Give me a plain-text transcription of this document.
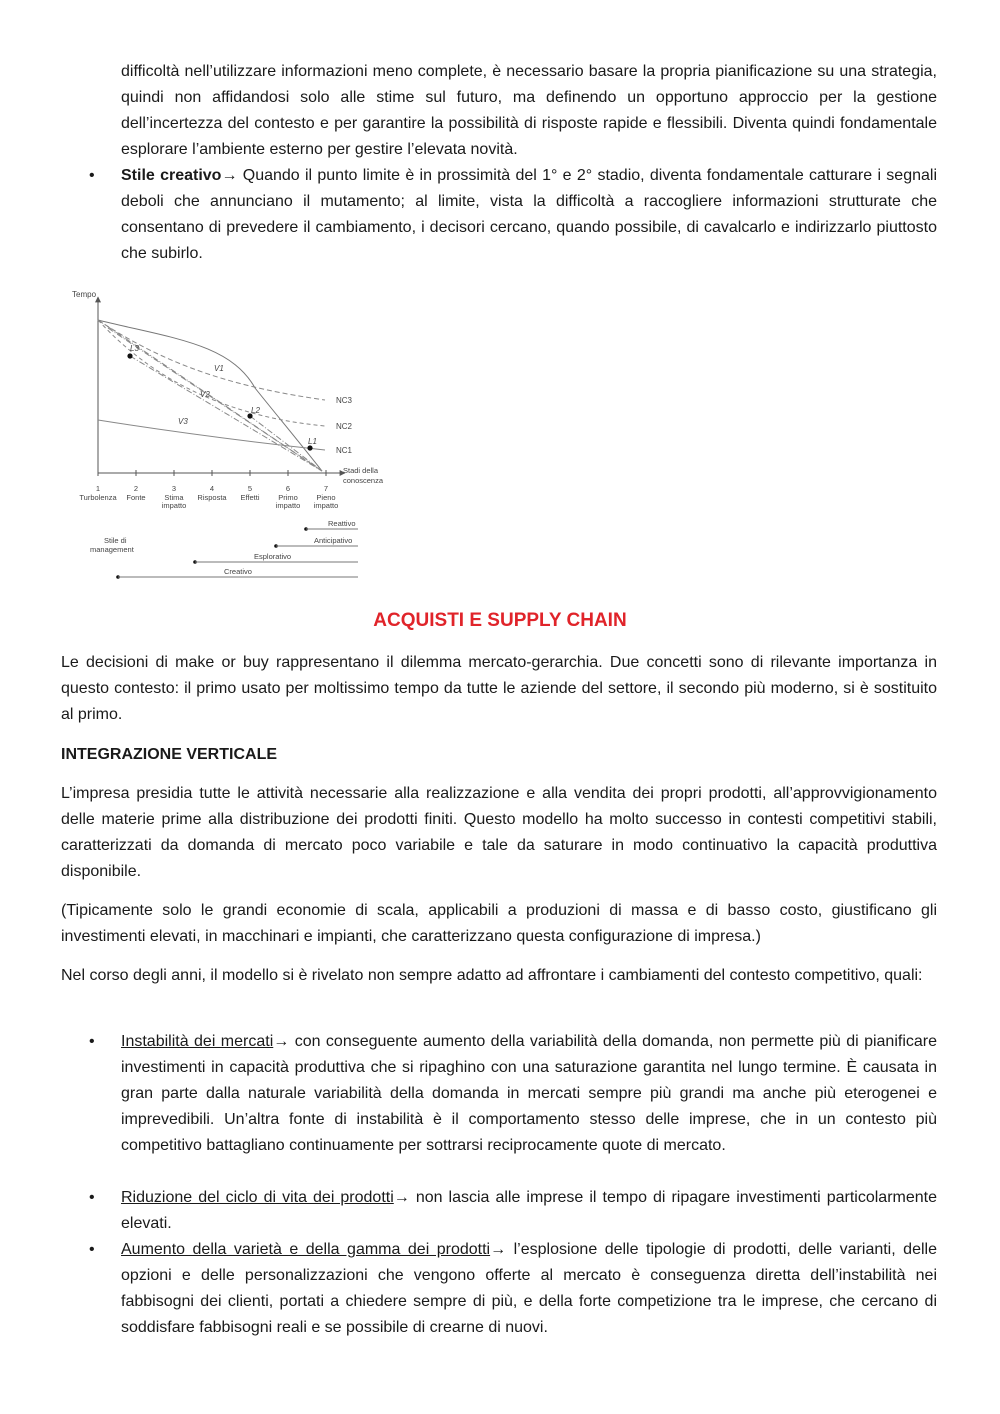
difficoltà nell’utilizzare informazioni meno complete, è necessario basare la propria pianificazione su una strategia, quindi non affidandosi solo alle stime sul futuro, ma definendo un opportuno approccio per la gestione dell’incertezza del contesto e per garantire la possibilità di risposte rapide e flessibili. Diventa quindi fondamentale esplorare l’ambiente esterno per gestire l’elevata novità.

• Stile creativo→ Quando il punto limite è in prossimità del 1° e 2° stadio, diventa fondamentale catturare i segnali deboli che annunciano il mutamento; al limite, vista la difficoltà a raccogliere informazioni strutturate che consentano di prevedere il cambiamento, i decisori cercano, quando possibile, di cavalcarlo e indirizzarlo piuttosto che subirlo.

Tempo
Stadi della
conoscenza
1
Turbolenza
2
Fonte
3
Stima
impatto
4
Risposta
5
Effetti
6
Primo
impatto
7
Pieno
impatto
L3
L2
L1
V1
V2
V3
NC3
NC2
NC1
Stile di
management
Reattivo
Anticipativo
Esplorativo
Creativo
ACQUISTI E SUPPLY CHAIN

Le decisioni di make or buy rappresentano il dilemma mercato-gerarchia. Due concetti sono di rilevante importanza in questo contesto: il primo usato per moltissimo tempo da tutte le aziende del settore, il secondo più moderno, si è sostituito al primo.

INTEGRAZIONE VERTICALE

L’impresa presidia tutte le attività necessarie alla realizzazione e alla vendita dei propri prodotti, all’approvvigionamento delle materie prime alla distribuzione dei prodotti finiti. Questo modello ha molto successo in contesti competitivi stabili, caratterizzati da domanda di mercato poco variabile e tale da saturare in modo continuativo la capacità produttiva disponibile.

(Tipicamente solo le grandi economie di scala, applicabili a produzioni di massa e di basso costo, giustificano gli investimenti elevati, in macchinari e impianti, che caratterizzano questa configurazione di impresa.)

Nel corso degli anni, il modello si è rivelato non sempre adatto ad affrontare i cambiamenti del contesto competitivo, quali:

• Instabilità dei mercati→ con conseguente aumento della variabilità della domanda, non permette più di pianificare investimenti in capacità produttiva che si ripaghino con una saturazione garantita nel lungo termine. È causata in gran parte dalla naturale variabilità della domanda in mercati sempre più grandi ma anche più eterogenei e imprevedibili. Un’altra fonte di instabilità è il comportamento stesso delle imprese, che in un contesto più competitivo battagliano continuamente per sottrarsi reciprocamente quote di mercato.

• Riduzione del ciclo di vita dei prodotti→ non lascia alle imprese il tempo di ripagare investimenti particolarmente elevati.

• Aumento della varietà e della gamma dei prodotti→ l’esplosione delle tipologie di prodotti, delle varianti, delle opzioni e delle personalizzazioni che vengono offerte al mercato è conseguenza diretta dell’instabilità nei fabbisogni dei clienti, portati a chiedere sempre di più, e della forte competizione tra le imprese, che cercano di soddisfare fabbisogni reali e se possibile di crearne di nuovi.
